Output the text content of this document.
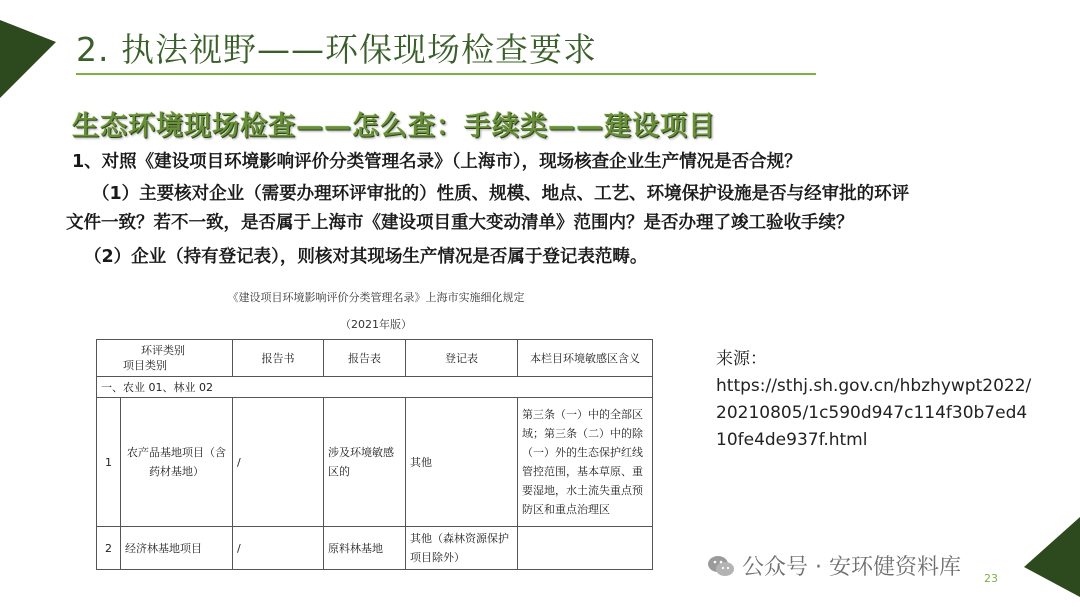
2. 执法视野——环保现场检查要求
生态环境现场检查——怎么查：手续类——建设项目
1、对照《建设项目环境影响评价分类管理名录》（上海市），现场核查企业生产情况是否合规？
（1）主要核对企业（需要办理环评审批的）性质、规模、地点、工艺、环境保护设施是否与经审批的环评
文件一致？若不一致，是否属于上海市《建设项目重大变动清单》范围内？是否办理了竣工验收手续？
（2）企业（持有登记表），则核对其现场生产情况是否属于登记表范畴。
《建设项目环境影响评价分类管理名录》上海市实施细化规定
（2021年版）
环评类别
项目类别		报告书	报告表	登记表	本栏目环境敏感区含义
一、农业 01、林业 02					
1	农产品基地项目（含药材基地）	/	涉及环境敏感区的	其他	第三条（一）中的全部区域；第三条（二）中的除（一）外的生态保护红线管控范围，基本草原、重要湿地，水土流失重点预防区和重点治理区
2	经济林基地项目	/	原料林基地	其他（森林资源保护项目除外）	
来源：
https://sthj.sh.gov.cn/hbzhywpt2022/20210805/1c590d947c114f30b7ed410fe4de937f.html
公众号 · 安环健资料库 23
